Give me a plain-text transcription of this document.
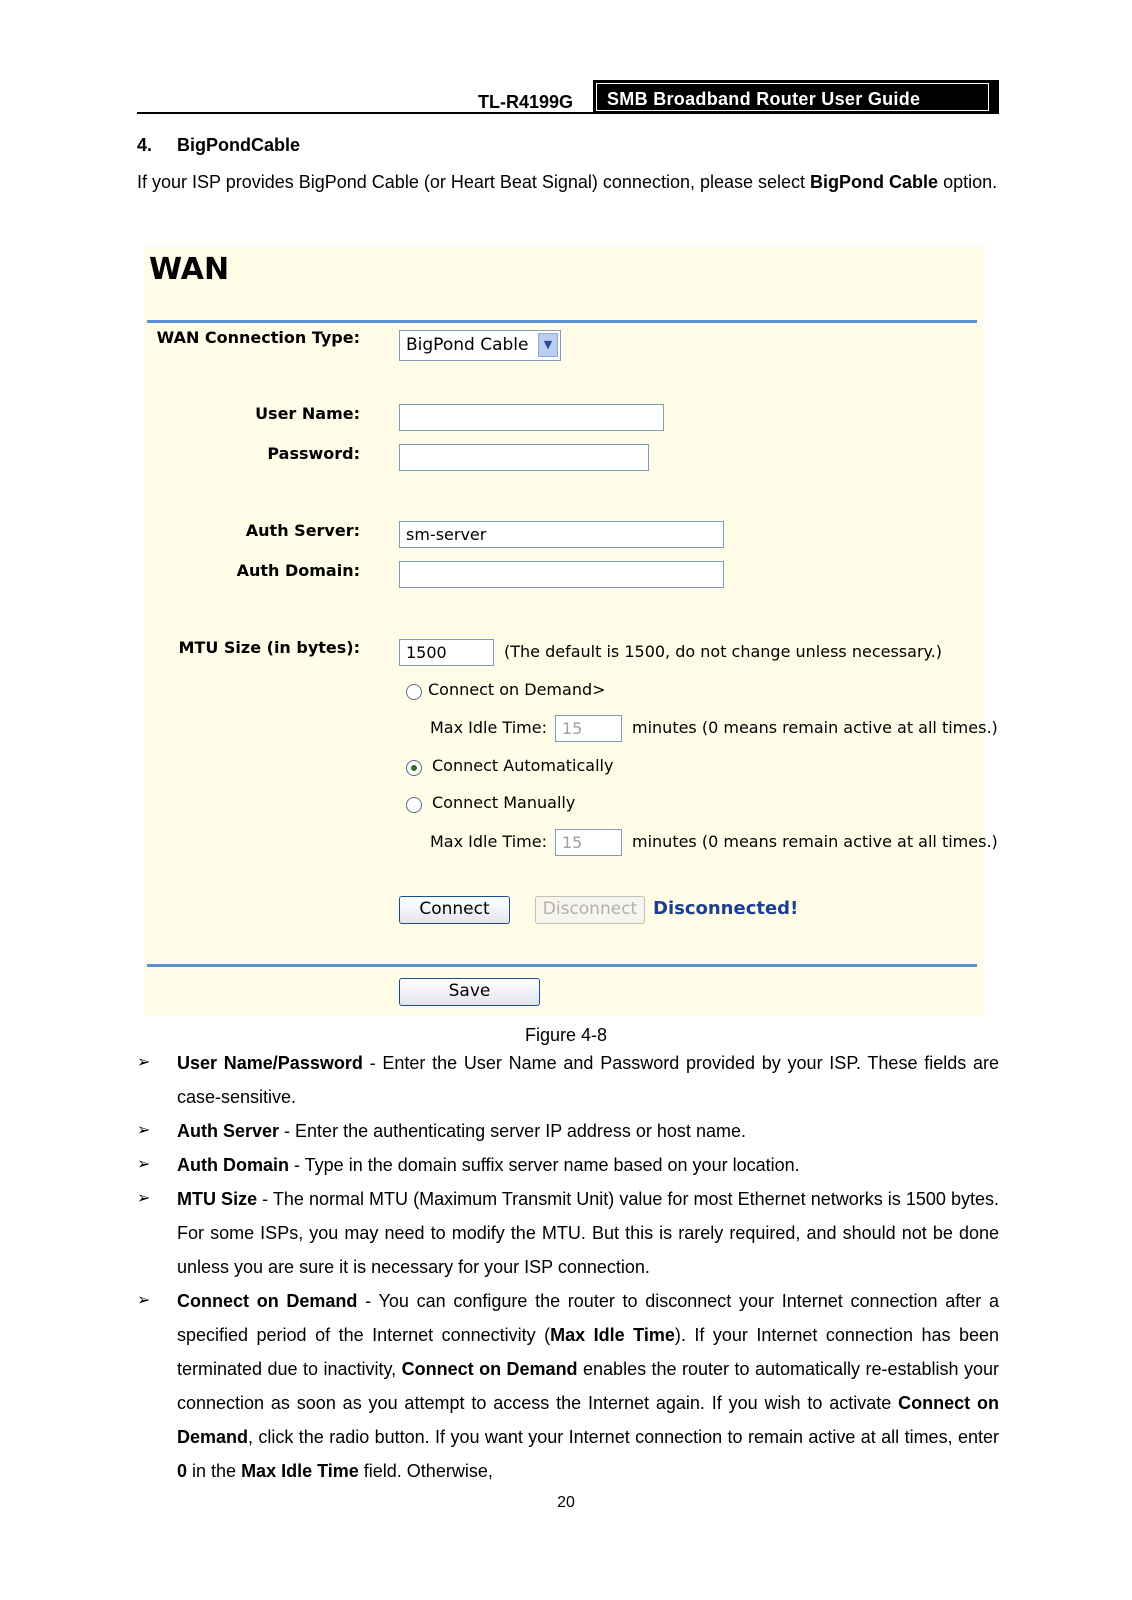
TL-R4199G SMB Broadband Router User Guide
4. BigPondCable
If your ISP provides BigPond Cable (or Heart Beat Signal) connection, please select BigPond Cable option.
WAN
WAN Connection Type:	BigPond Cable	▼
User Name:
Password:
Auth Server:	sm-server
Auth Domain:
MTU Size (in bytes):	1500	(The default is 1500, do not change unless necessary.)
Connect on Demand>
Max Idle Time: 15	minutes (0 means remain active at all times.)
Connect Automatically
Connect Manually
Max Idle Time: 15	minutes (0 means remain active at all times.)
Connect	Disconnect Disconnected!
Save
Figure 4-8
➢ User Name/Password - Enter the User Name and Password provided by your ISP. These fields are case-sensitive.
➢ Auth Server - Enter the authenticating server IP address or host name.
➢ Auth Domain - Type in the domain suffix server name based on your location.
➢ MTU Size - The normal MTU (Maximum Transmit Unit) value for most Ethernet networks is 1500 bytes. For some ISPs, you may need to modify the MTU. But this is rarely required, and should not be done unless you are sure it is necessary for your ISP connection.
➢ Connect on Demand - You can configure the router to disconnect your Internet connection after a specified period of the Internet connectivity (Max Idle Time). If your Internet connection has been terminated due to inactivity, Connect on Demand enables the router to automatically re-establish your connection as soon as you attempt to access the Internet again. If you wish to activate Connect on Demand, click the radio button. If you want your Internet connection to remain active at all times, enter 0 in the Max Idle Time field. Otherwise,
20
